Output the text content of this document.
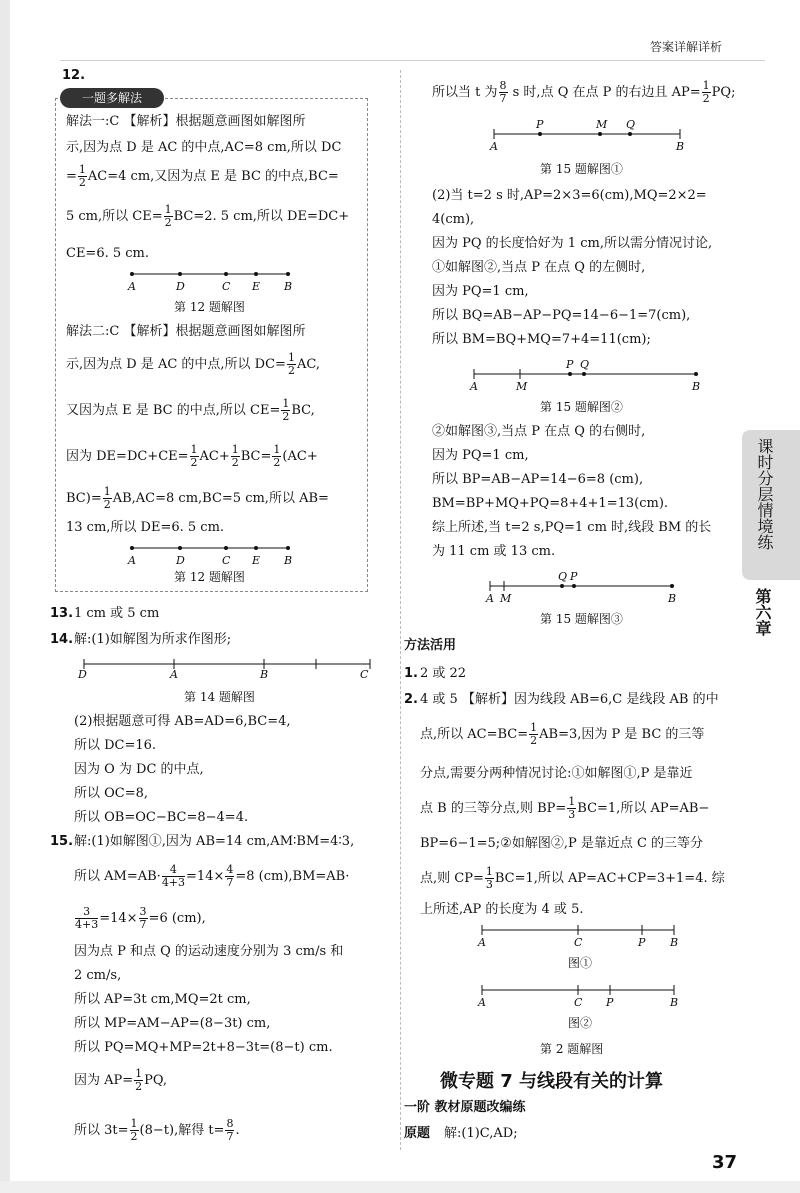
答案详解详析
12.
一题多解法
解法一:C 【解析】根据题意画图如解图所
示,因为点 D 是 AC 的中点,AC=8 cm,所以 DC
= $\frac{1}{2} AC=4$ cm,又因为点 E 是 BC 的中点,BC=
5 cm,所以 $CE= \frac{1}{2} BC=2$. 5 cm,所以 DE=DC+
CE=6. 5 cm.
A	D	C E B
第 12 题解图
解法二:C 【解析】根据题意画图如解图所
示,因为点 D 是 AC 的中点,所以 $DC= \frac{1}{2}$ AC,
又因为点 E 是 BC 的中点,所以 $CE= \frac{1}{2}$ BC,
因为 $DE=DC+CE= \frac{1}{2} AC+ \frac{1}{2} BC= \frac{1}{2} (AC+$
$BC)= \frac{1}{2} AB,AC=8$ cm,BC=5 cm,所以 AB=
13 cm,所以 DE=6. 5 cm.
A	D	C E B
第 12 题解图
13. 1 cm 或 5 cm
14. 解:(1)如解图为所求作图形;
D	A	B	C
第 14 题解图
(2)根据题意可得 AB=AD=6,BC=4,
所以 DC=16.
因为 O 为 DC 的中点,
所以 OC=8,
所以 OB=OC−BC=8−4=4.
15. 解:(1)如解图①,因为 AB=14 cm,AM∶BM=4∶3,
所以 $AM=AB\cdot \frac{4}{4+3} =14\times \frac{4}{7} =8$ (cm),BM=AB·
$\frac{3}{4+3} =14\times \frac{3}{7} =6$ (cm),
因为点 P 和点 Q 的运动速度分别为 3 cm/s 和
2 cm/s,
所以 AP=3t cm,MQ=2t cm,
所以 MP=AM−AP=(8−3t) cm,
所以 PQ=MQ+MP=2t+8−3t=(8−t) cm.
因为 $AP= \frac{1}{2}$ PQ,
所以 $3t= \frac{1}{2} (8-t)$,解得 $t= \frac{8}{7}$ .
所以当 t 为 $\frac{8}{7}$ s 时,点 Q 在点 P 的右边且 $AP= \frac{1}{2}$ PQ;
P	M Q
A	B
第 15 题解图①
(2)当 t=2 s 时,AP=2×3=6(cm),MQ=2×2=
4(cm),
因为 PQ 的长度恰好为 1 cm,所以需分情况讨论,
①如解图②,当点 P 在点 Q 的左侧时,
因为 PQ=1 cm,
所以 BQ=AB−AP−PQ=14−6−1=7(cm),
所以 BM=BQ+MQ=7+4=11(cm);
A	M
P Q
B
第 15 题解图②
②如解图③,当点 P 在点 Q 的右侧时,
因为 PQ=1 cm,
所以 BP=AB−AP=14−6=8 (cm),
BM=BP+MQ+PQ=8+4+1=13(cm).
综上所述,当 t=2 s,PQ=1 cm 时,线段 BM 的长
为 11 cm 或 13 cm.
Q P
A M	B
第 15 题解图③
方法活用
1. 2 或 22
2. 4 或 5 【解析】因为线段 AB=6,C 是线段 AB 的中
点,所以 $AC=BC= \frac{1}{2} AB=3$,因为 P 是 BC 的三等
分点,需要分两种情况讨论:①如解图①,P 是靠近
点 B 的三等分点,则 $BP= \frac{1}{3} BC=1$,所以 AP=AB−
BP=6−1=5;②如解图②,P 是靠近点 C 的三等分
点,则 $CP= \frac{1}{3} BC=1$,所以 AP=AC+CP=3+1=4. 综
上所述,AP 的长度为 4 或 5.
A	C	P B
图①
A	C P	B
图②
第 2 题解图
微专题 7 与线段有关的计算
一阶 教材原题改编练
原题 解:(1)C,AD;
课时分层情境练
第六章
37
